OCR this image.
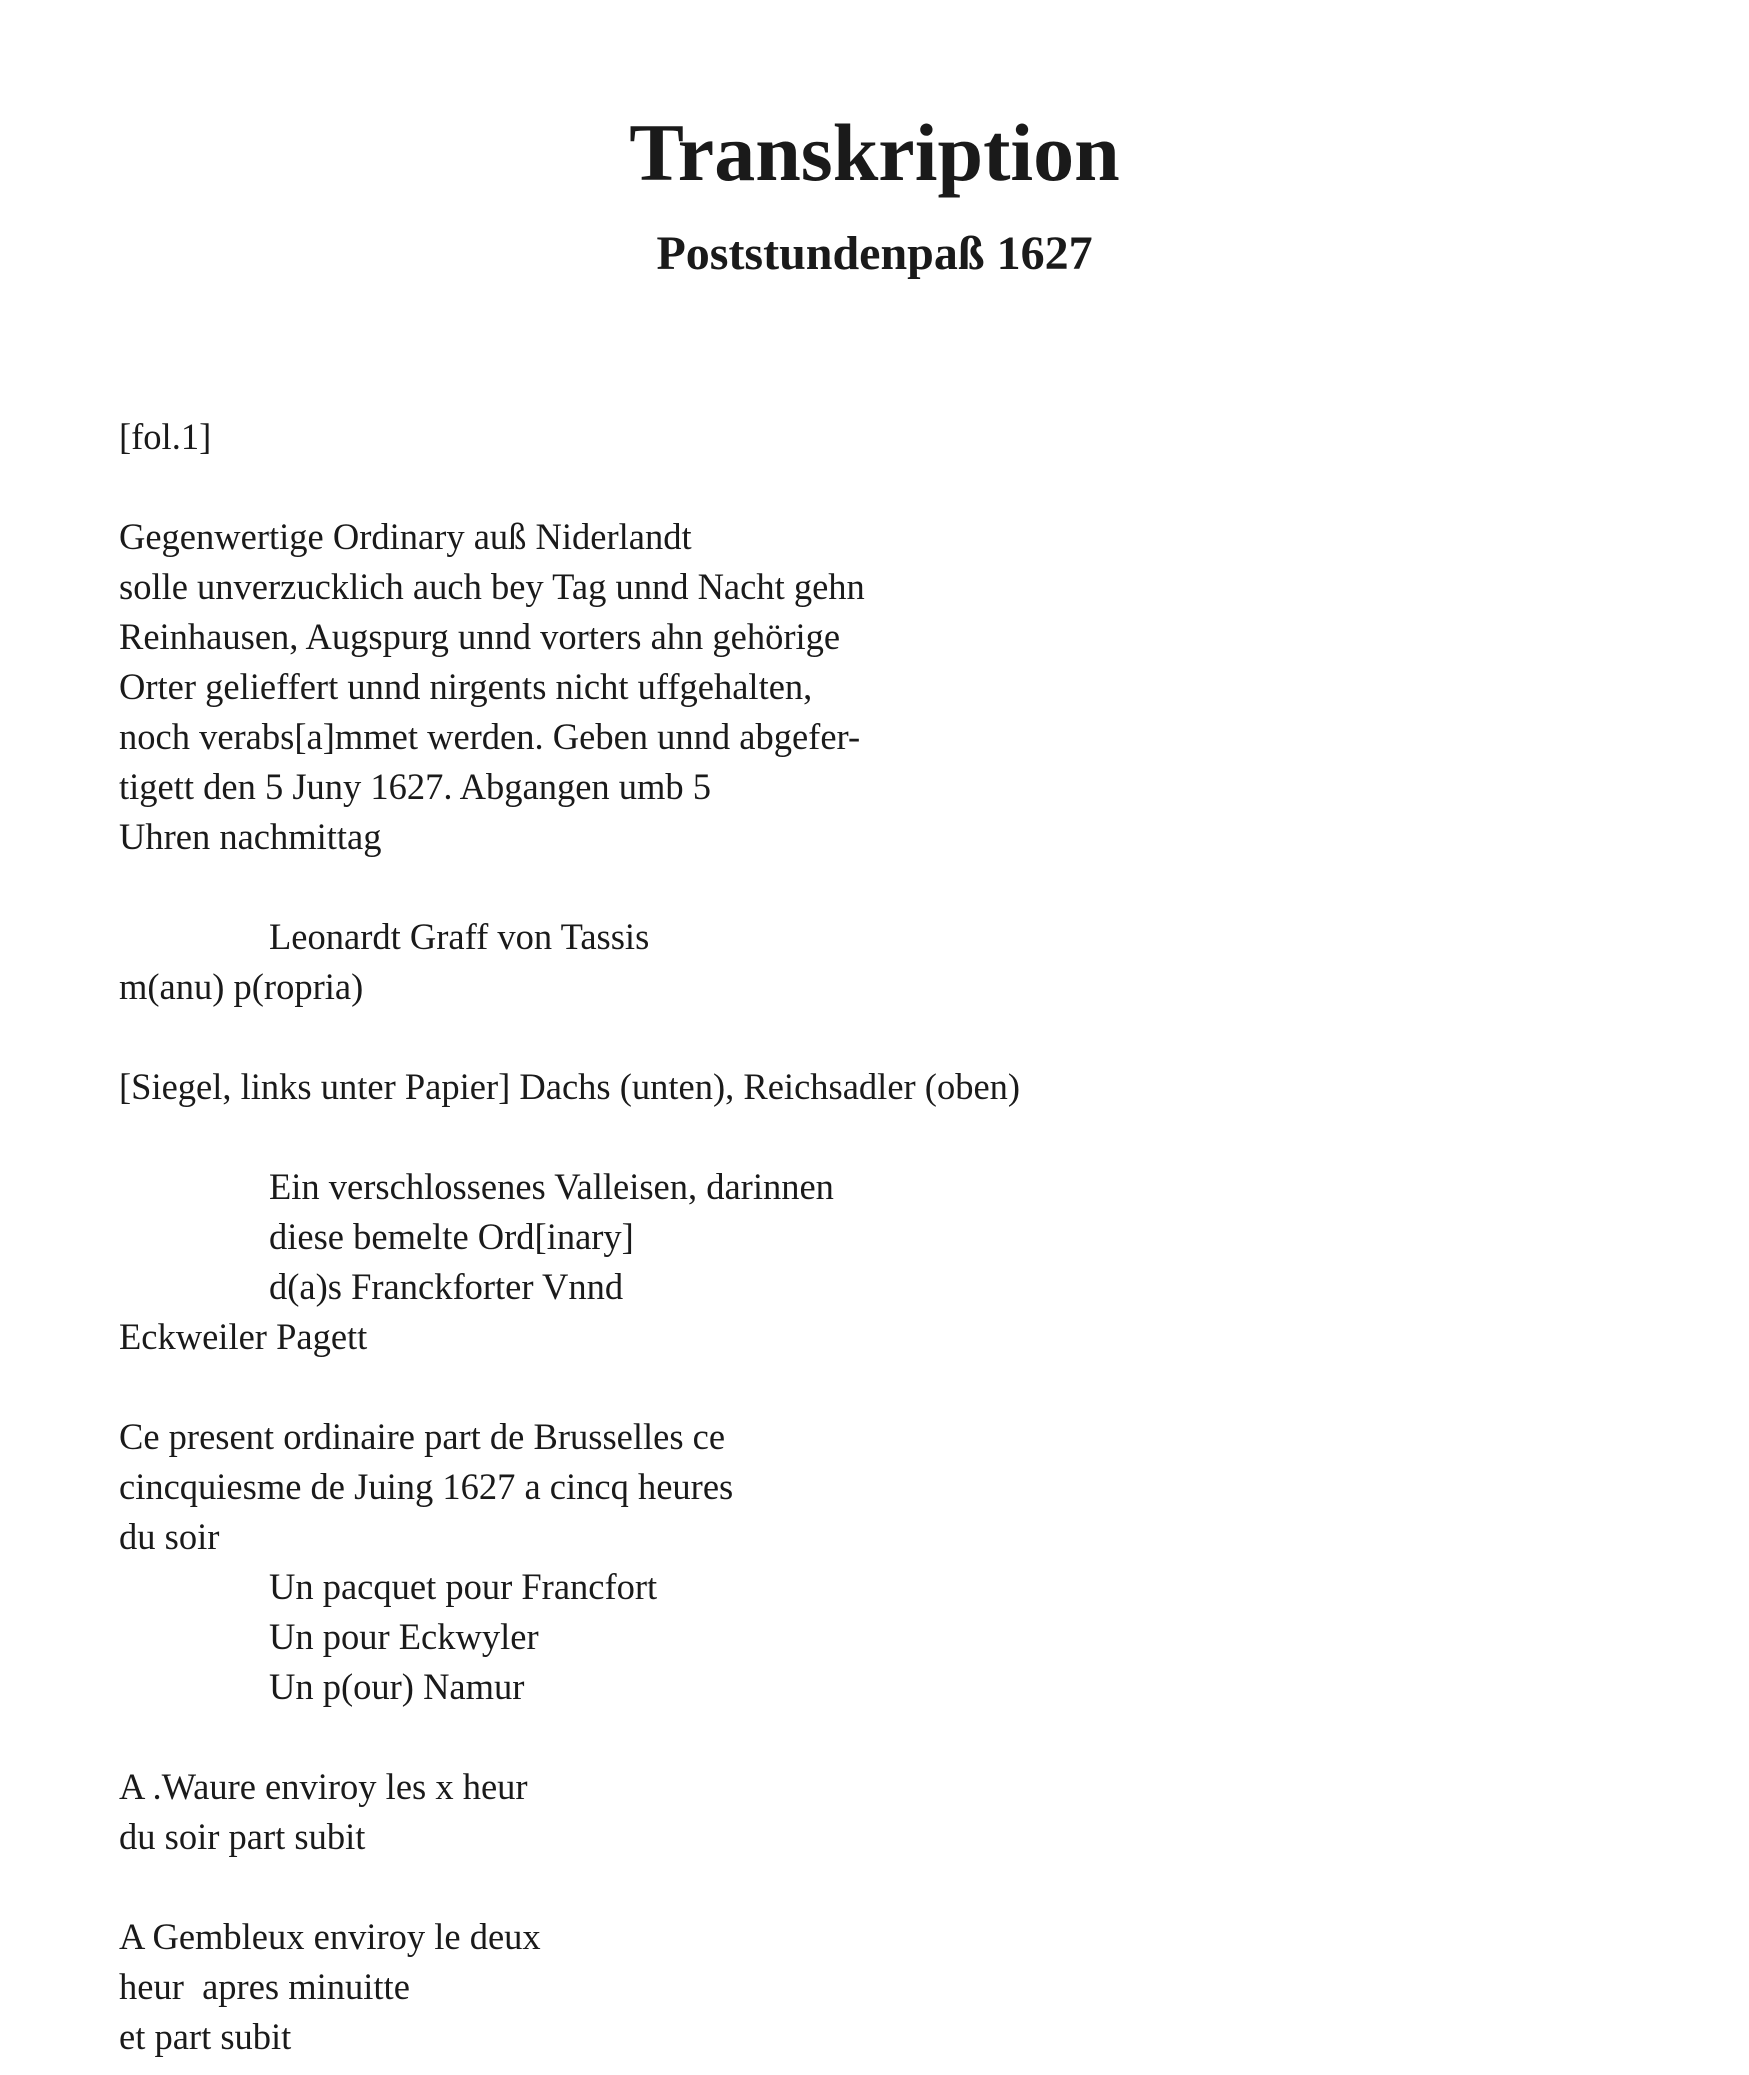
Transkription
Poststundenpaß 1627
[fol.1]
Gegenwertige Ordinary auß Niderlandt
solle unverzucklich auch bey Tag unnd Nacht gehn
Reinhausen, Augspurg unnd vorters ahn gehörige
Orter gelieffert unnd nirgents nicht uffgehalten,
noch verabs[a]mmet werden. Geben unnd abgefer-
tigett den 5 Juny 1627. Abgangen umb 5
Uhren nachmittag
Leonardt Graff von Tassis
m(anu) p(ropria)
[Siegel, links unter Papier] Dachs (unten), Reichsadler (oben)
Ein verschlossenes Valleisen, darinnen
diese bemelte Ord[inary]
d(a)s Franckforter Vnnd
Eckweiler Pagett
Ce present ordinaire part de Brusselles ce
cincquiesme de Juing 1627 a cincq heures
du soir
Un pacquet pour Francfort
Un pour Eckwyler
Un p(our) Namur
A .Waure enviroy les x heur
du soir part subit
A Gembleux enviroy le deux
heur  apres minuitte
et part subit
